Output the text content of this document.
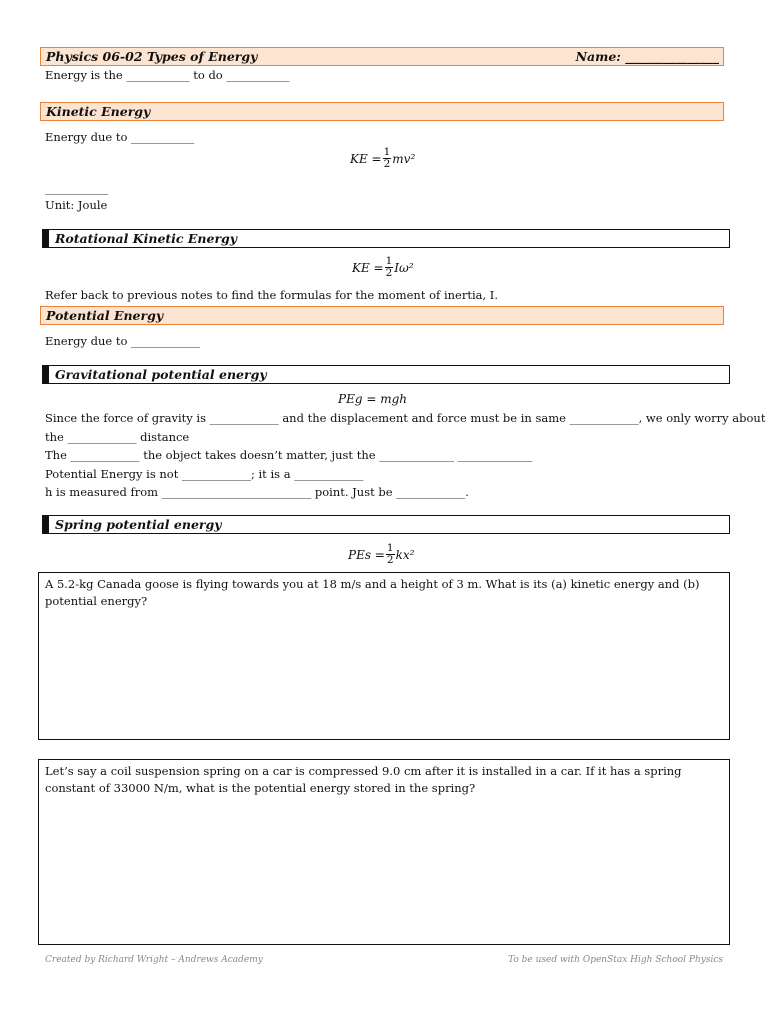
Physics 06-02 Types of Energy	Name: _______________
Energy is the ___________ to do ___________
Kinetic Energy
Energy due to ___________
KE = $\frac{1}{2} mv^2$
___________
Unit: Joule
Rotational Kinetic Energy
KE = $\frac{1}{2} I\omega^2$
Refer back to previous notes to find the formulas for the moment of inertia, I.
Potential Energy
Energy due to ____________
Gravitational potential energy
PEg = mgh
Since the force of gravity is ____________ and the displacement and force must be in same ____________, we only worry about
the ____________ distance
The ____________ the object takes doesn’t matter, just the _____________ _____________
Potential Energy is not ____________; it is a ____________
h is measured from __________________________ point. Just be ____________.
Spring potential energy
PEs = $\frac{1}{2} kx^2$
A 5.2-kg Canada goose is flying towards you at 18 m/s and a height of 3 m. What is its (a) kinetic energy and (b) potential energy?
Let’s say a coil suspension spring on a car is compressed 9.0 cm after it is installed in a car. If it has a spring constant of 33000 N/m, what is the potential energy stored in the spring?
Created by Richard Wright – Andrews Academy	To be used with OpenStax High School Physics
